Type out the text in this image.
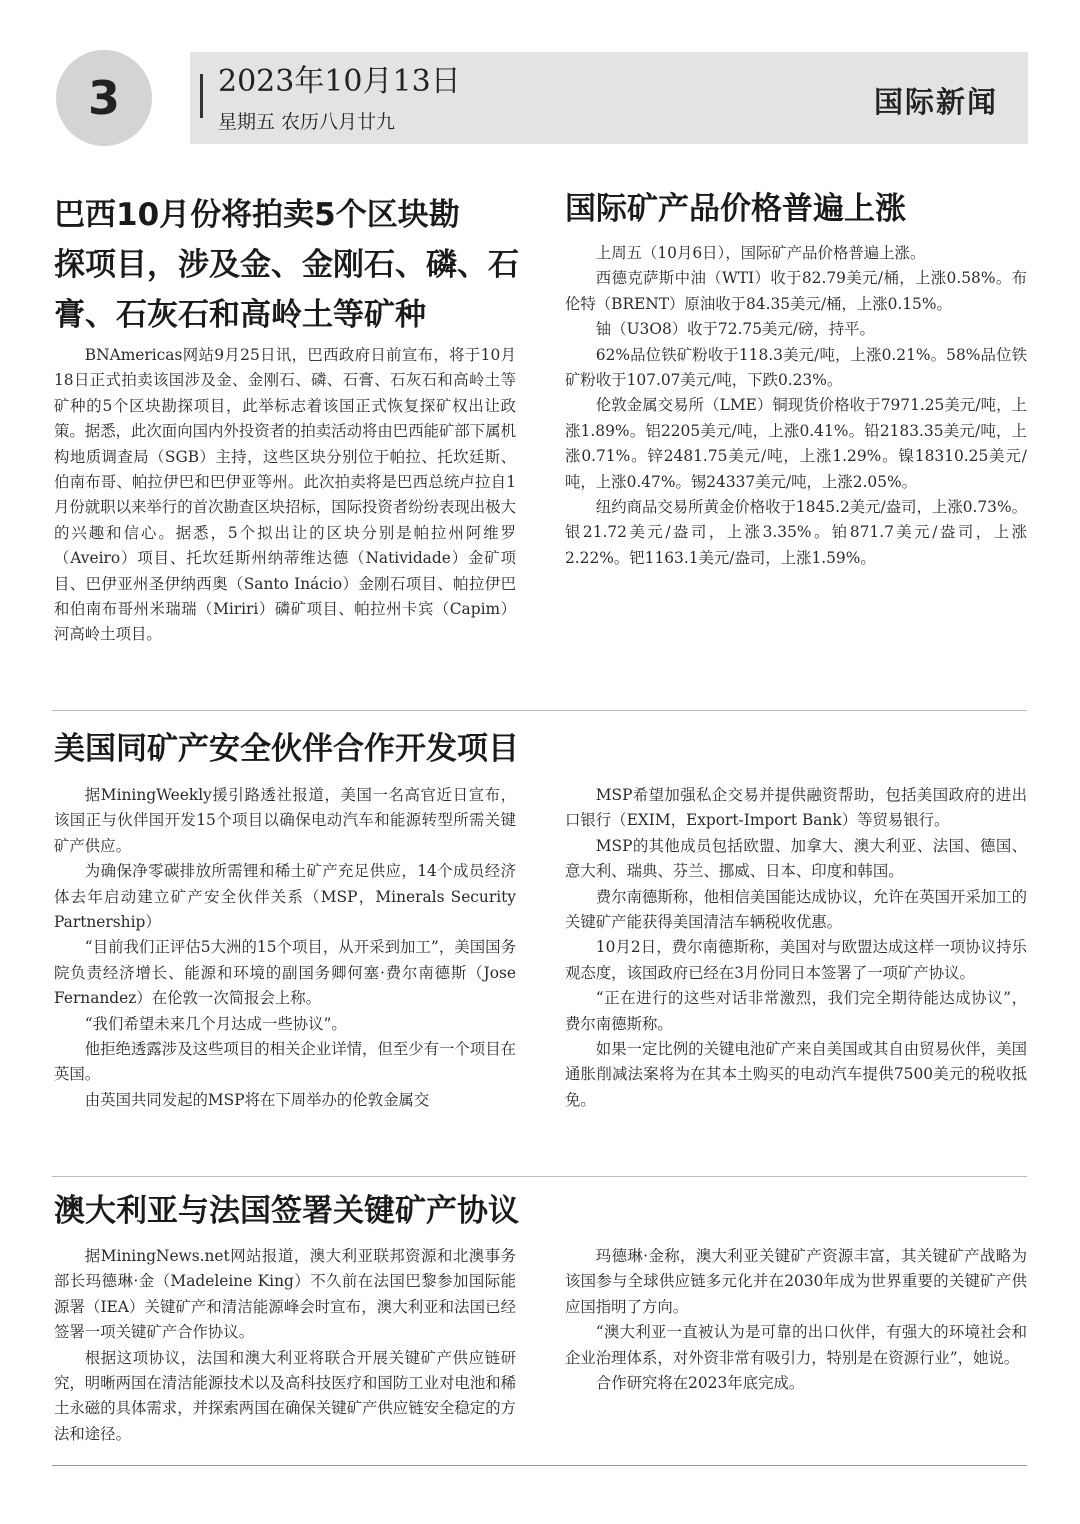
3	2023年10月13日
星期五 农历八月廿九
国际新闻
巴西10月份将拍卖5个区块勘
探项目，涉及金、金刚石、磷、石
膏、石灰石和高岭土等矿种

BNAmericas网站9月25日讯，巴西政府日前宣布，将于10月18日正式拍卖该国涉及金、金刚石、磷、石膏、石灰石和高岭土等矿种的5个区块勘探项目，此举标志着该国正式恢复探矿权出让政策。据悉，此次面向国内外投资者的拍卖活动将由巴西能矿部下属机构地质调查局（SGB）主持，这些区块分别位于帕拉、托坎廷斯、伯南布哥、帕拉伊巴和巴伊亚等州。此次拍卖将是巴西总统卢拉自1月份就职以来举行的首次勘查区块招标，国际投资者纷纷表现出极大的兴趣和信心。据悉，5个拟出让的区块分别是帕拉州阿维罗（Aveiro）项目、托坎廷斯州纳蒂维达德（Natividade）金矿项目、巴伊亚州圣伊纳西奥（Santo Inácio）金刚石项目、帕拉伊巴和伯南布哥州米瑞瑞（Miriri）磷矿项目、帕拉州卡宾（Capim）河高岭土项目。

国际矿产品价格普遍上涨

上周五（10月6日），国际矿产品价格普遍上涨。

西德克萨斯中油（WTI）收于82.79美元/桶，上涨0.58%。布伦特（BRENT）原油收于84.35美元/桶，上涨0.15%。

铀（U3O8）收于72.75美元/磅，持平。

62%品位铁矿粉收于118.3美元/吨，上涨0.21%。58%品位铁矿粉收于107.07美元/吨，下跌0.23%。

伦敦金属交易所（LME）铜现货价格收于7971.25美元/吨，上涨1.89%。铝2205美元/吨，上涨0.41%。铅2183.35美元/吨，上涨0.71%。锌2481.75美元/吨，上涨1.29%。镍18310.25美元/吨，上涨0.47%。锡24337美元/吨，上涨2.05%。

纽约商品交易所黄金价格收于1845.2美元/盎司，上涨0.73%。银21.72美元/盎司，上涨3.35%。铂871.7美元/盎司，上涨2.22%。钯1163.1美元/盎司，上涨1.59%。

美国同矿产安全伙伴合作开发项目

据MiningWeekly援引路透社报道，美国一名高官近日宣布，该国正与伙伴国开发15个项目以确保电动汽车和能源转型所需关键矿产供应。

为确保净零碳排放所需锂和稀土矿产充足供应，14个成员经济体去年启动建立矿产安全伙伴关系（MSP，Minerals Security Partnership）

“目前我们正评估5大洲的15个项目，从开采到加工”，美国国务院负责经济增长、能源和环境的副国务卿何塞·费尔南德斯（Jose Fernandez）在伦敦一次简报会上称。

“我们希望未来几个月达成一些协议”。

他拒绝透露涉及这些项目的相关企业详情，但至少有一个项目在英国。

由英国共同发起的MSP将在下周举办的伦敦金属交

MSP希望加强私企交易并提供融资帮助，包括美国政府的进出口银行（EXIM，Export-Import Bank）等贸易银行。

MSP的其他成员包括欧盟、加拿大、澳大利亚、法国、德国、意大利、瑞典、芬兰、挪威、日本、印度和韩国。

费尔南德斯称，他相信美国能达成协议，允许在英国开采加工的关键矿产能获得美国清洁车辆税收优惠。

10月2日，费尔南德斯称，美国对与欧盟达成这样一项协议持乐观态度，该国政府已经在3月份同日本签署了一项矿产协议。

“正在进行的这些对话非常激烈，我们完全期待能达成协议”，费尔南德斯称。

如果一定比例的关键电池矿产来自美国或其自由贸易伙伴，美国通胀削减法案将为在其本土购买的电动汽车提供7500美元的税收抵免。

澳大利亚与法国签署关键矿产协议

据MiningNews.net网站报道，澳大利亚联邦资源和北澳事务部长玛德琳·金（Madeleine King）不久前在法国巴黎参加国际能源署（IEA）关键矿产和清洁能源峰会时宣布，澳大利亚和法国已经签署一项关键矿产合作协议。

根据这项协议，法国和澳大利亚将联合开展关键矿产供应链研究，明晰两国在清洁能源技术以及高科技医疗和国防工业对电池和稀土永磁的具体需求，并探索两国在确保关键矿产供应链安全稳定的方法和途径。

玛德琳·金称，澳大利亚关键矿产资源丰富，其关键矿产战略为该国参与全球供应链多元化并在2030年成为世界重要的关键矿产供应国指明了方向。

“澳大利亚一直被认为是可靠的出口伙伴，有强大的环境社会和企业治理体系，对外资非常有吸引力，特别是在资源行业”，她说。

合作研究将在2023年底完成。
